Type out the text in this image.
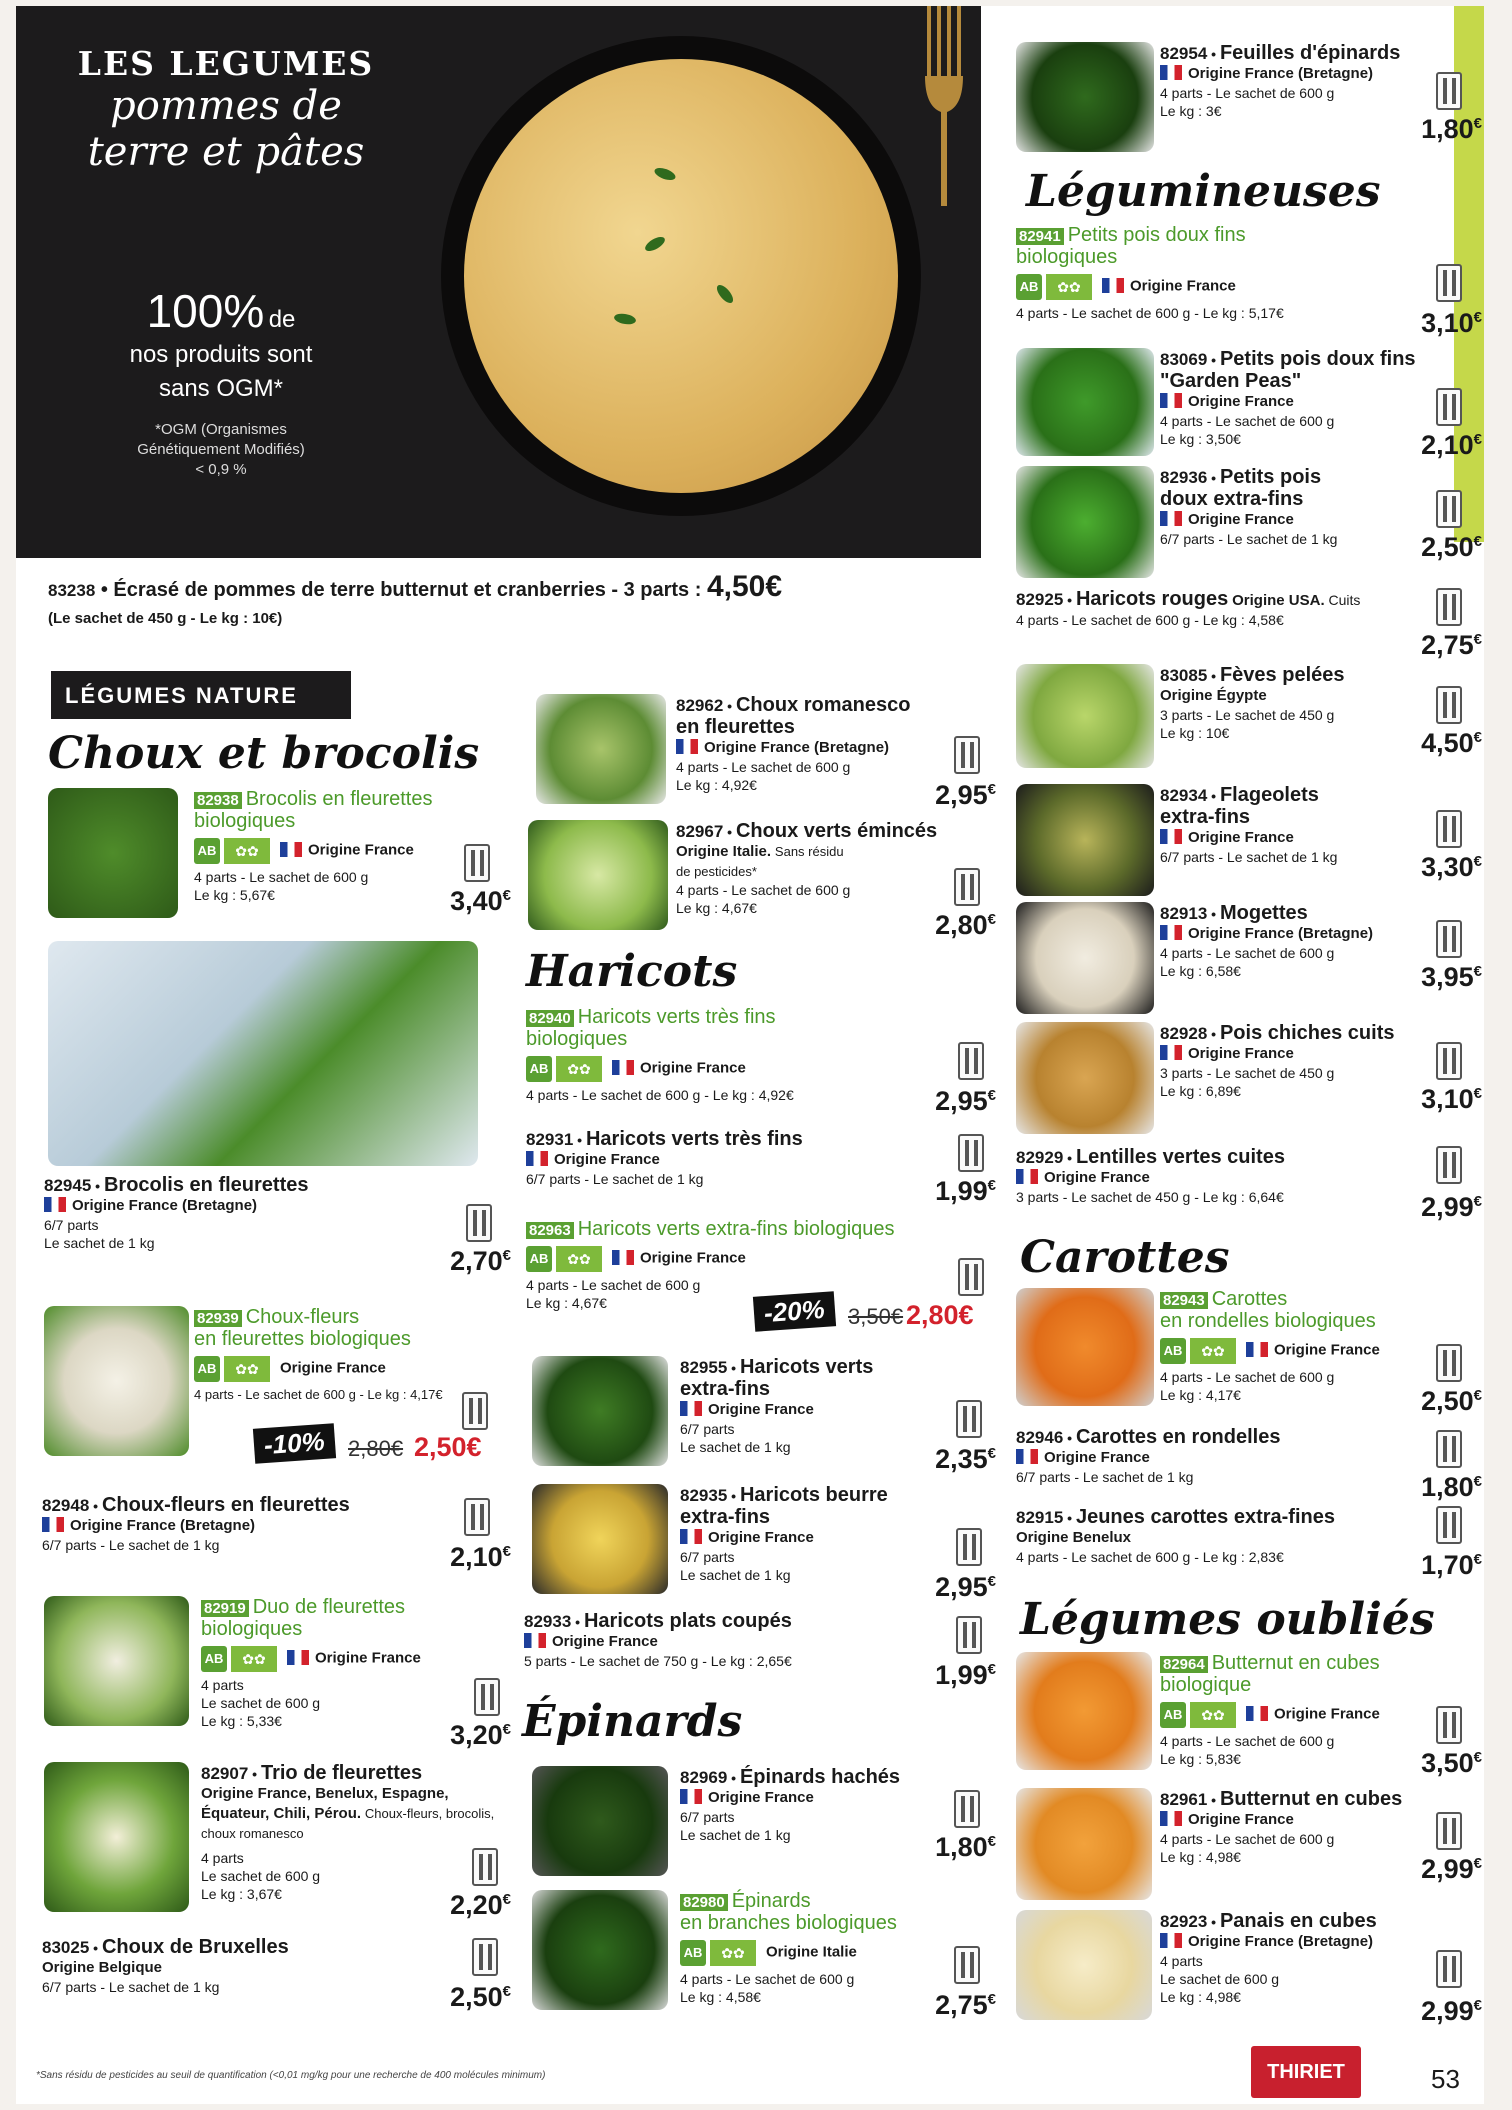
LES LEGUMES
pommes de
terre et pâtes
100% de
nos produits sont
sans OGM*
*OGM (Organismes
Génétiquement Modifiés)
< 0,9 %
83238 • Écrasé de pommes de terre butternut et cranberries - 3 parts : 4,50€
(Le sachet de 450 g - Le kg : 10€)
LÉGUMES NATURE
Choux et brocolis
Haricots
Épinards
Légumineuses
Carottes
Légumes oubliés
82938 Brocolis en fleurettes biologiques
AB ✿✿	Origine France
4 parts - Le sachet de 600 g
Le kg : 5,67€	3,40€
82945 • Brocolis en fleurettes
Origine France (Bretagne)
6/7 parts
Le sachet de 1 kg
2,70€
82939 Choux-fleurs
en fleurettes biologiques
AB ✿✿ Origine France
4 parts - Le sachet de 600 g - Le kg : 4,17€
-10%	2,80€ 2,50€
82948 • Choux-fleurs en fleurettes
Origine France (Bretagne)
6/7 parts - Le sachet de 1 kg	2,10€
82919 Duo de fleurettes
biologiques
AB ✿✿	Origine France
4 parts
Le sachet de 600 g
Le kg : 5,33€	3,20€
82907 • Trio de fleurettes
Origine France, Benelux, Espagne,
Équateur, Chili, Pérou. Choux-fleurs, brocolis, choux romanesco
4 parts
Le sachet de 600 g
Le kg : 3,67€	2,20€
83025 • Choux de Bruxelles
Origine Belgique
6/7 parts - Le sachet de 1 kg	2,50€
82962 • Choux romanesco
en fleurettes
Origine France (Bretagne)
4 parts - Le sachet de 600 g
Le kg : 4,92€	2,95€
82967 • Choux verts émincés Origine Italie. Sans résidu
de pesticides*
4 parts - Le sachet de 600 g
Le kg : 4,67€
2,80€
82940 Haricots verts très fins
biologiques
AB ✿✿	Origine France
4 parts - Le sachet de 600 g - Le kg : 4,92€	2,95€
82931 • Haricots verts très fins
Origine France
6/7 parts - Le sachet de 1 kg	1,99€
82963 Haricots verts extra-fins biologiques
AB ✿✿	Origine France
4 parts - Le sachet de 600 g
Le kg : 4,67€	-20%	3,50€ 2,80€
82955 • Haricots verts
extra-fins
Origine France
6/7 parts
Le sachet de 1 kg	2,35€
82935 • Haricots beurre
extra-fins
Origine France
6/7 parts
Le sachet de 1 kg	2,95€
82933 • Haricots plats coupés
Origine France
5 parts - Le sachet de 750 g - Le kg : 2,65€	1,99€
82969 • Épinards hachés
Origine France
6/7 parts
Le sachet de 1 kg	1,80€
82980 Épinards
en branches biologiques
AB ✿✿ Origine Italie
4 parts - Le sachet de 600 g
Le kg : 4,58€	2,75€
82954 • Feuilles d'épinards
Origine France (Bretagne)
4 parts - Le sachet de 600 g
Le kg : 3€
1,80€
82941 Petits pois doux fins
biologiques
AB ✿✿	Origine France
4 parts - Le sachet de 600 g - Le kg : 5,17€	3,10€
83069 • Petits pois doux fins
"Garden Peas"
Origine France
4 parts - Le sachet de 600 g
Le kg : 3,50€	2,10€
82936 • Petits pois
doux extra-fins
Origine France
6/7 parts - Le sachet de 1 kg	2,50€
82925 • Haricots rouges Origine USA. Cuits
4 parts - Le sachet de 600 g - Le kg : 4,58€
2,75€
83085 • Fèves pelées
Origine Égypte
3 parts - Le sachet de 450 g
Le kg : 10€	4,50€
82934 • Flageolets
extra-fins
Origine France
6/7 parts - Le sachet de 1 kg	3,30€
82913 • Mogettes
Origine France (Bretagne)
4 parts - Le sachet de 600 g
Le kg : 6,58€	3,95€
82928 • Pois chiches cuits
Origine France
3 parts - Le sachet de 450 g
Le kg : 6,89€	3,10€
82929 • Lentilles vertes cuites
Origine France
3 parts - Le sachet de 450 g - Le kg : 6,64€	2,99€
82943 Carottes
en rondelles biologiques
AB ✿✿	Origine France
4 parts - Le sachet de 600 g
Le kg : 4,17€	2,50€
82946 • Carottes en rondelles
Origine France
6/7 parts - Le sachet de 1 kg	1,80€
82915 • Jeunes carottes extra-fines
Origine Benelux
4 parts - Le sachet de 600 g - Le kg : 2,83€	1,70€
82964 Butternut en cubes
biologique
AB ✿✿	Origine France
4 parts - Le sachet de 600 g
Le kg : 5,83€	3,50€
82961 • Butternut en cubes
Origine France
4 parts - Le sachet de 600 g
Le kg : 4,98€	2,99€
82923 • Panais en cubes
Origine France (Bretagne)
4 parts
Le sachet de 600 g
Le kg : 4,98€	2,99€
*Sans résidu de pesticides au seuil de quantification (<0,01 mg/kg pour une recherche de 400 molécules minimum)	THIRIET	53
